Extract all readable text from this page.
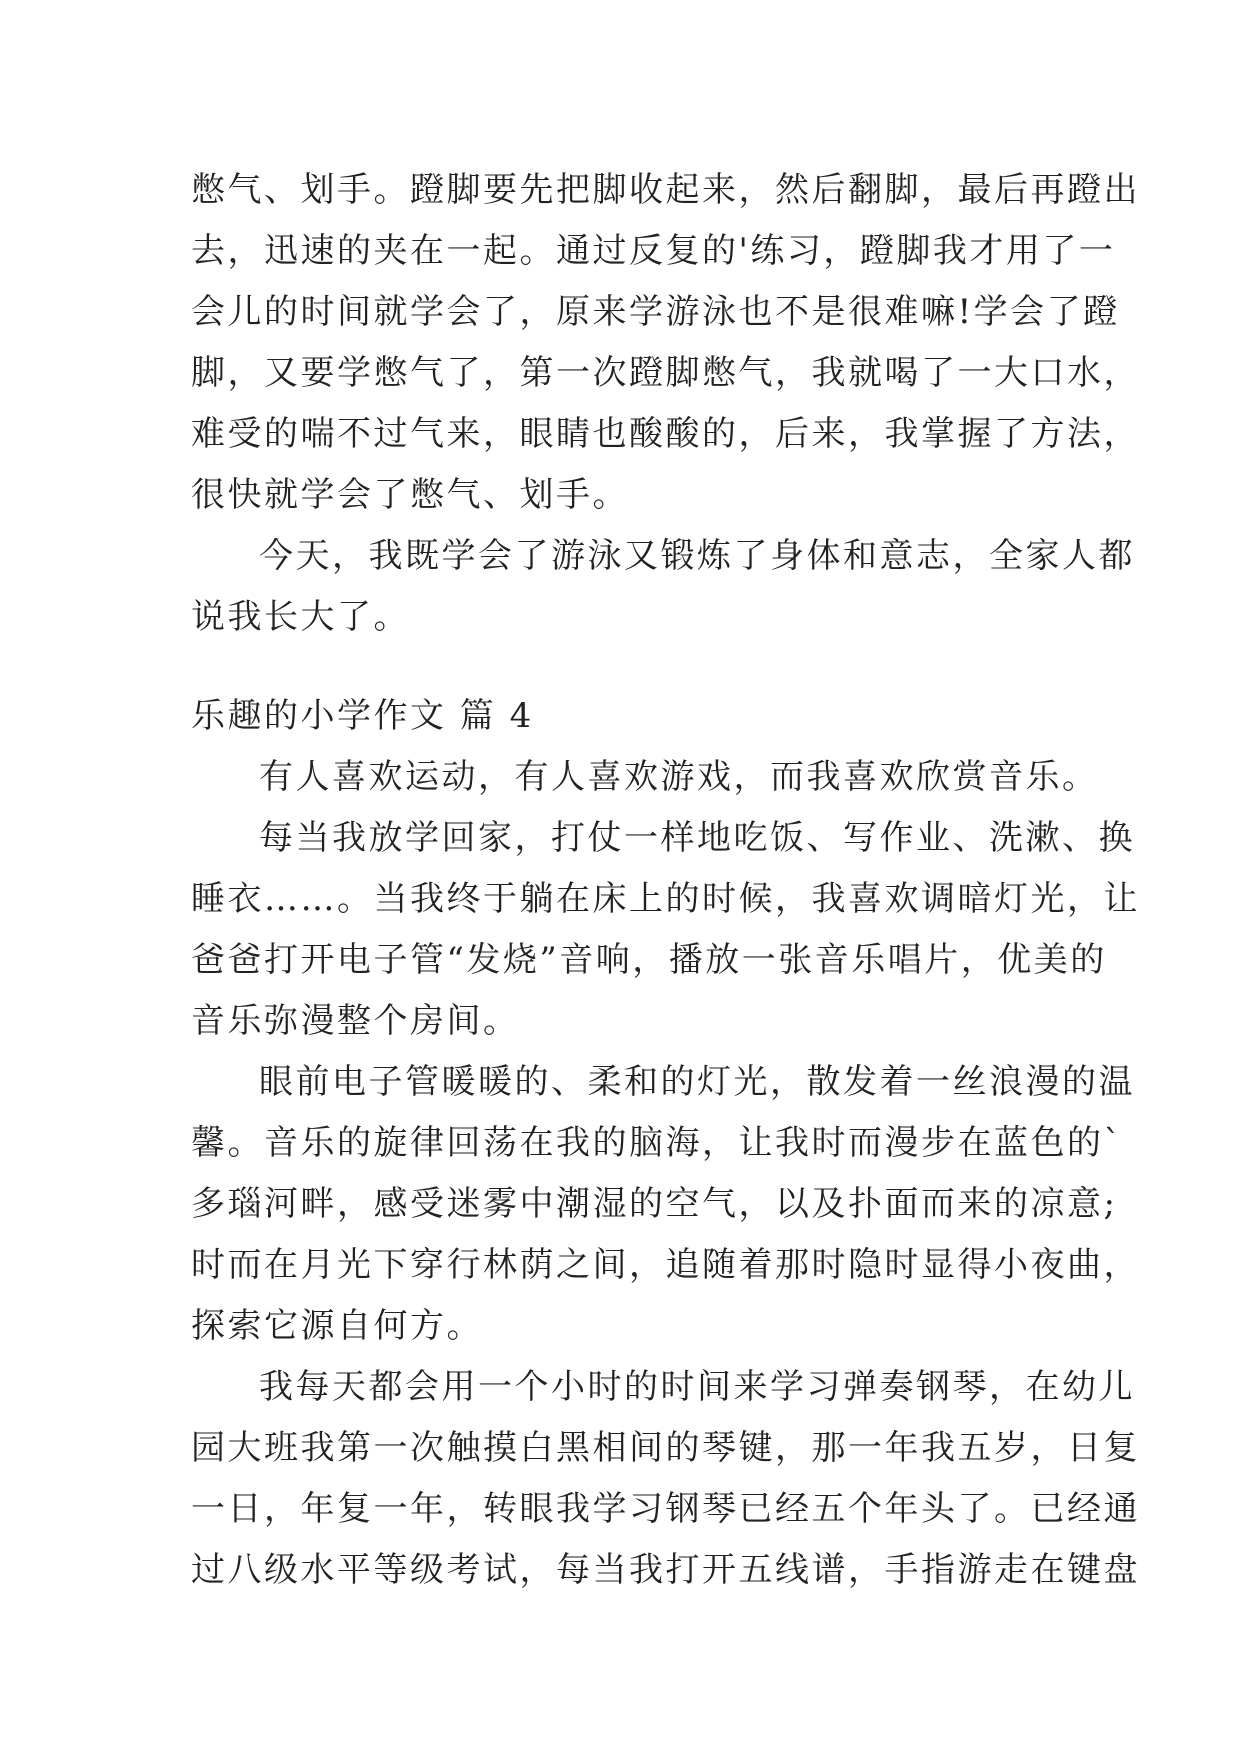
憋气、划手。蹬脚要先把脚收起来，然后翻脚，最后再蹬出
去，迅速的夹在一起。通过反复的'练习，蹬脚我才用了一
会儿的时间就学会了，原来学游泳也不是很难嘛!学会了蹬
脚，又要学憋气了，第一次蹬脚憋气，我就喝了一大口水，
难受的喘不过气来，眼睛也酸酸的，后来，我掌握了方法，
很快就学会了憋气、划手。
今天，我既学会了游泳又锻炼了身体和意志，全家人都
说我长大了。
乐趣的小学作文 篇 4
有人喜欢运动，有人喜欢游戏，而我喜欢欣赏音乐。
每当我放学回家，打仗一样地吃饭、写作业、洗漱、换
睡衣……。当我终于躺在床上的时候，我喜欢调暗灯光，让
爸爸打开电子管“发烧”音响，播放一张音乐唱片，优美的
音乐弥漫整个房间。
眼前电子管暖暖的、柔和的灯光，散发着一丝浪漫的温
馨。音乐的旋律回荡在我的脑海，让我时而漫步在蓝色的`
多瑙河畔，感受迷雾中潮湿的空气，以及扑面而来的凉意;
时而在月光下穿行林荫之间，追随着那时隐时显得小夜曲，
探索它源自何方。
我每天都会用一个小时的时间来学习弹奏钢琴，在幼儿
园大班我第一次触摸白黑相间的琴键，那一年我五岁，日复
一日，年复一年，转眼我学习钢琴已经五个年头了。已经通
过八级水平等级考试，每当我打开五线谱，手指游走在键盘
